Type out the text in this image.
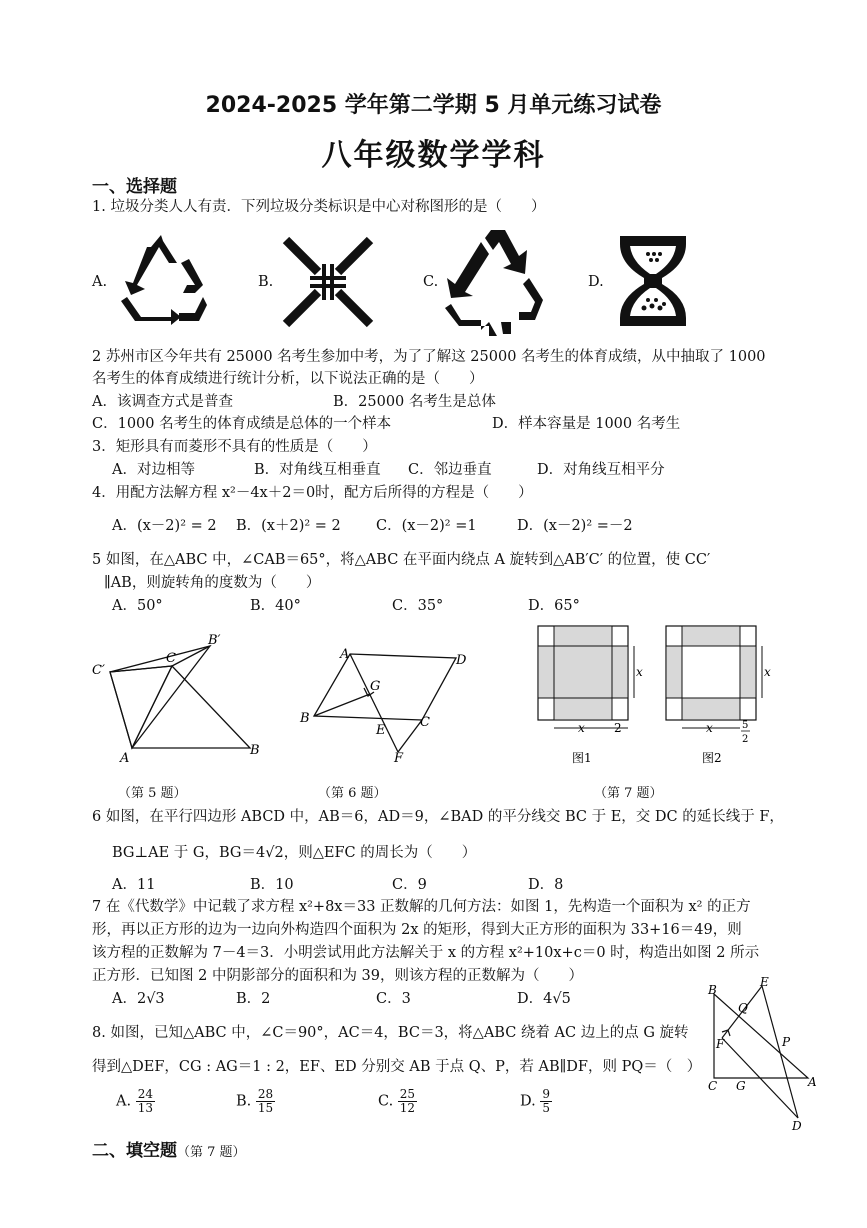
2024-2025 学年第二学期 5 月单元练习试卷
八年级数学学科
一、选择题
1. 垃圾分类人人有责．下列垃圾分类标识是中心对称图形的是（　　）
A.	B.	C.	D.
2 苏州市区今年共有 25000 名考生参加中考，为了了解这 25000 名考生的体育成绩，从中抽取了 1000
名考生的体育成绩进行统计分析，以下说法正确的是（　　）
A．该调查方式是普查	B．25000 名考生是总体
C．1000 名考生的体育成绩是总体的一个样本	D．样本容量是 1000 名考生
3．矩形具有而菱形不具有的性质是（　　）
A．对边相等	B．对角线互相垂直 C．邻边垂直	D．对角线互相平分
4．用配方法解方程 x²－4x＋2＝0时，配方后所得的方程是（　　）
A．(x－2)² = 2 B．(x＋2)² = 2 C．(x－2)² =1	D．(x－2)² =－2
5 如图，在△ABC 中，∠CAB＝65°，将△ABC 在平面内绕点 A 旋转到△AB′C′ 的位置，使 CC′
∥AB，则旋转角的度数为（　　）
A．50°	B．40°	C．35°	D．65°
B′
C′
C
A
B
（第 5 题）
A	D
G
B	C
E
F
（第 6 题）
x
x 2
图1
x
x	5
2
图2
（第 7 题）
6 如图，在平行四边形 ABCD 中，AB＝6，AD＝9，∠BAD 的平分线交 BC 于 E，交 DC 的延长线于 F，
BG⊥AE 于 G，BG＝4√2，则△EFC 的周长为（　　）
A．11	B．10	C．9	D．8
7 在《代数学》中记载了求方程 x²+8x＝33 正数解的几何方法：如图 1，先构造一个面积为 x² 的正方
形，再以正方形的边为一边向外构造四个面积为 2x 的矩形，得到大正方形的面积为 33+16＝49，则
该方程的正数解为 7－4＝3．小明尝试用此方法解关于 x 的方程 x²+10x+c＝0 时，构造出如图 2 所示
正方形．已知图 2 中阴影部分的面积和为 39，则该方程的正数解为（　　）
A．2√3	B．2	C．3	D．4√5
B
E
Q
F	P
C G	A
D
8. 如图，已知△ABC 中，∠C＝90°，AC＝4，BC＝3，将△ABC 绕着 AC 边上的点 G 旋转
得到△DEF，CG : AG＝1 : 2，EF、ED 分别交 AB 于点 Q、P，若 AB∥DF，则 PQ＝（　）
A. $\frac{24}{13}$	B. $\frac{28}{15}$	C. $\frac{25}{12}$	D. $\frac{9}{5}$
二、填空题（第 7 题）
